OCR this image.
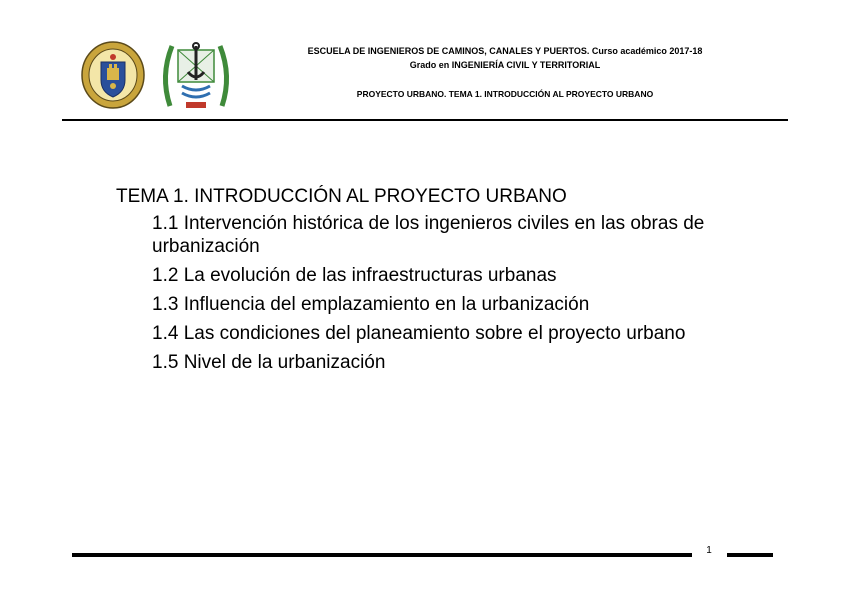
ESCUELA DE INGENIEROS DE CAMINOS, CANALES Y PUERTOS. Curso académico 2017-18
Grado en INGENIERÍA CIVIL Y TERRITORIAL
PROYECTO URBANO. TEMA 1. INTRODUCCIÓN AL PROYECTO URBANO
TEMA 1. INTRODUCCIÓN AL PROYECTO URBANO
1.1 Intervención histórica de los ingenieros civiles en las obras de urbanización
1.2 La evolución de las infraestructuras urbanas
1.3 Influencia del emplazamiento en la urbanización
1.4 Las condiciones del planeamiento sobre el proyecto urbano
1.5 Nivel de la urbanización
1
